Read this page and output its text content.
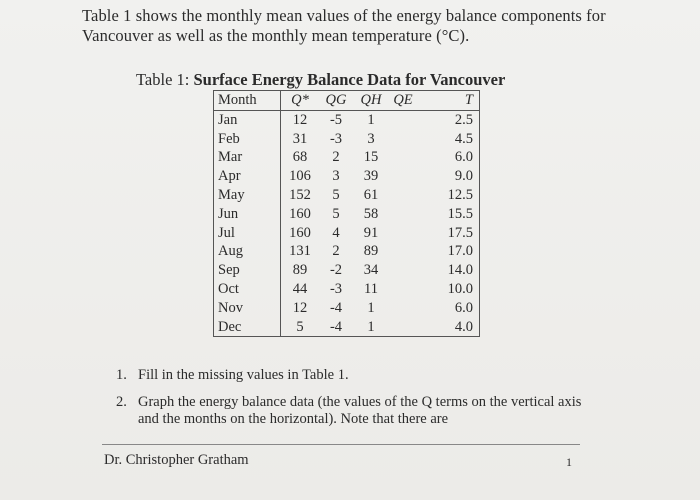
Table 1 shows the monthly mean values of the energy balance components for Vancouver as well as the monthly mean temperature (°C).
Table 1: Surface Energy Balance Data for Vancouver
Month	Q*	QG	QH	QE	T
Jan	12	-5	1		2.5
Feb	31	-3	3		4.5
Mar	68	2	15		6.0
Apr	106	3	39		9.0
May	152	5	61		12.5
Jun	160	5	58		15.5
Jul	160	4	91		17.5
Aug	131	2	89		17.0
Sep	89	-2	34		14.0
Oct	44	-3	11		10.0
Nov	12	-4	1		6.0
Dec	5	-4	1		4.0
1. Fill in the missing values in Table 1.
2. Graph the energy balance data (the values of the Q terms on the vertical axis and the months on the horizontal). Note that there are
Dr. Christopher Gratham	1
